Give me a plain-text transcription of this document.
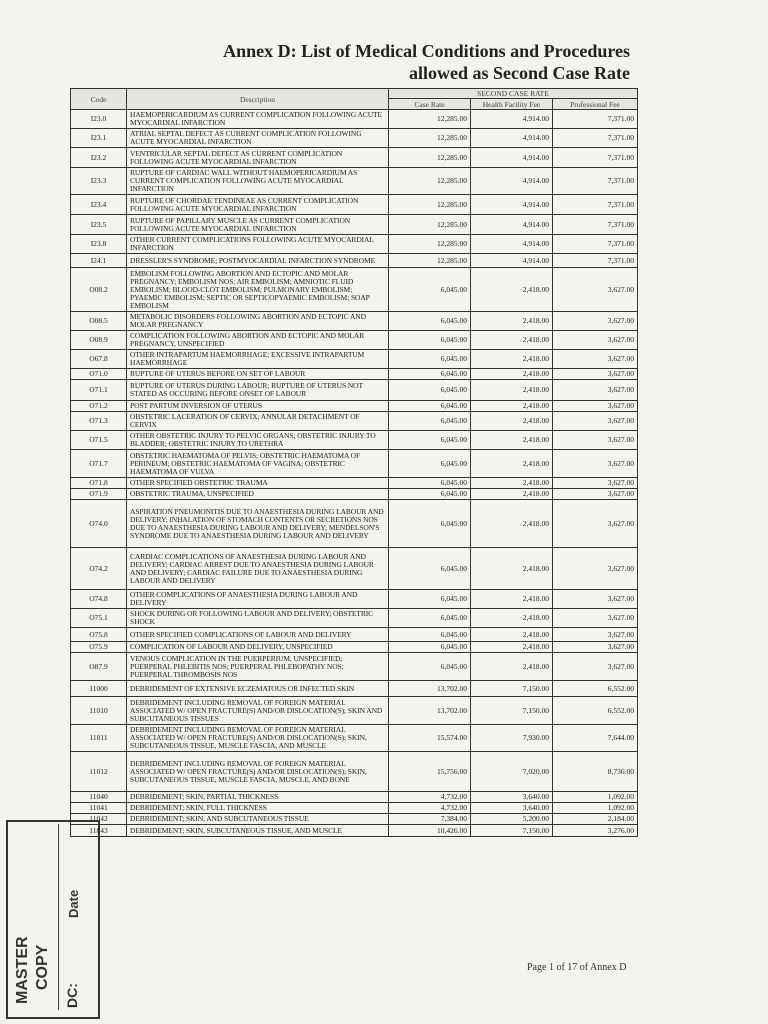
Annex D: List of Medical Conditions and Procedures
allowed as Second Case Rate
Code	Description	SECOND CASE RATE		
		Case Rate	Health Facility Fee	Professional Fee
I23.0	HAEMOPERICARDIUM AS CURRENT COMPLICATION FOLLOWING ACUTE MYOCARDIAL INFARCTION	12,285.00	4,914.00	7,371.00
I23.1	ATRIAL SEPTAL DEFECT AS CURRENT COMPLICATION FOLLOWING ACUTE MYOCARDIAL INFARCTION	12,285.00	4,914.00	7,371.00
I23.2	VENTRICULAR SEPTAL DEFECT AS CURRENT COMPLICATION FOLLOWING ACUTE MYOCARDIAL INFARCTION	12,285.00	4,914.00	7,371.00
I23.3	RUPTURE OF CARDIAC WALL WITHOUT HAEMOPERICARDIUM AS CURRENT COMPLICATION FOLLOWING ACUTE MYOCARDIAL INFARCTION	12,285.00	4,914.00	7,371.00
I23.4	RUPTURE OF CHORDAE TENDINEAE AS CURRENT COMPLICATION FOLLOWING ACUTE MYOCARDIAL INFARCTION	12,285.00	4,914.00	7,371.00
I23.5	RUPTURE OF PAPILLARY MUSCLE AS CURRENT COMPLICATION FOLLOWING ACUTE MYOCARDIAL INFARCTION	12,285.00	4,914.00	7,371.00
I23.8	OTHER CURRENT COMPLICATIONS FOLLOWING ACUTE MYOCARDIAL INFARCTION	12,285.00	4,914.00	7,371.00
I24.1	DRESSLER'S SYNDROME; POSTMYOCARDIAL INFARCTION SYNDROME	12,285.00	4,914.00	7,371.00
O08.2	EMBOLISM FOLLOWING ABORTION AND ECTOPIC AND MOLAR PREGNANCY; EMBOLISM NOS; AIR EMBOLISM; AMNIOTIC FLUID EMBOLISM; BLOOD-CLOT EMBOLISM; PULMONARY EMBOLISM; PYAEMIC EMBOLISM; SEPTIC OR SEPTICOPYAEMIC EMBOLISM; SOAP EMBOLISM	6,045.00	2,418.00	3,627.00
O08.5	METABOLIC DISORDERS FOLLOWING ABORTION AND ECTOPIC AND MOLAR PREGNANCY	6,045.00	2,418.00	3,627.00
O08.9	COMPLICATION FOLLOWING ABORTION AND ECTOPIC AND MOLAR PREGNANCY, UNSPECIFIED	6,045.00	2,418.00	3,627.00
O67.8	OTHER INTRAPARTUM HAEMORRHAGE; EXCESSIVE INTRAPARTUM HAEMORRHAGE	6,045.00	2,418.00	3,627.00
O71.0	RUPTURE OF UTERUS BEFORE ON SET OF LABOUR	6,045.00	2,418.00	3,627.00
O71.1	RUPTURE OF UTERUS DURING LABOUR; RUPTURE OF UTERUS NOT STATED AS OCCURING BEFORE ONSET OF LABOUR	6,045.00	2,418.00	3,627.00
O71.2	POST PARTUM INVERSION OF UTERUS	6,045.00	2,418.00	3,627.00
O71.3	OBSTETRIC LACERATION OF CERVIX; ANNULAR DETACHMENT OF CERVIX	6,045.00	2,418.00	3,627.00
O71.5	OTHER OBSTETRIC INJURY TO PELVIC ORGANS; OBSTETRIC INJURY TO BLADDER; OBSTETRIC INJURY TO URETHRA	6,045.00	2,418.00	3,627.00
O71.7	OBSTETRIC HAEMATOMA OF PELVIS; OBSTETRIC HAEMATOMA OF PERINEUM; OBSTETRIC HAEMATOMA OF VAGINA; OBSTETRIC HAEMATOMA OF VULVA	6,045.00	2,418.00	3,627.00
O71.8	OTHER SPECIFIED OBSTETRIC TRAUMA	6,045.00	2,418.00	3,627.00
O71.9	OBSTETRIC TRAUMA, UNSPECIFIED	6,045.00	2,418.00	3,627.00
O74.0	ASPIRATION PNEUMONITIS DUE TO ANAESTHESIA DURING LABOUR AND DELIVERY; INHALATION OF STOMACH CONTENTS OR SECRETIONS NOS DUE TO ANAESTHESIA DURING LABOUR AND DELIVERY; MENDELSON'S SYNDROME DUE TO ANAESTHESIA DURING LABOUR AND DELIVERY	6,045.00	2,418.00	3,627.00
O74.2	CARDIAC COMPLICATIONS OF ANAESTHESIA DURING LABOUR AND DELIVERY; CARDIAC ARREST DUE TO ANAESTHESIA DURING LABOUR AND DELIVERY; CARDIAC FAILURE DUE TO ANAESTHESIA DURING LABOUR AND DELIVERY	6,045.00	2,418.00	3,627.00
O74.8	OTHER COMPLICATIONS OF ANAESTHESIA DURING LABOUR AND DELIVERY	6,045.00	2,418.00	3,627.00
O75.1	SHOCK DURING OR FOLLOWING LABOUR AND DELIVERY; OBSTETRIC SHOCK	6,045.00	2,418.00	3,627.00
O75.8	OTHER SPECIFIED COMPLICATIONS OF LABOUR AND DELIVERY	6,045.00	2,418.00	3,627.00
O75.9	COMPLICATION OF LABOUR AND DELIVERY, UNSPECIFIED	6,045.00	2,418.00	3,627.00
O87.9	VENOUS COMPLICATION IN THE PUERPERIUM, UNSPECIFIED; PUERPERAL PHLEBITIS NOS; PUERPERAL PHLEBOPATHY NOS; PUERPERAL THROMBOSIS NOS	6,045.00	2,418.00	3,627.00
11000	DEBRIDEMENT OF EXTENSIVE ECZEMATOUS OR INFECTED SKIN	13,702.00	7,150.00	6,552.00
11010	DEBRIDEMENT INCLUDING REMOVAL OF FOREIGN MATERIAL ASSOCIATED W/ OPEN FRACTURE(S) AND/OR DISLOCATION(S); SKIN AND SUBCUTANEOUS TISSUES	13,702.00	7,150.00	6,552.00
11011	DEBRIDEMENT INCLUDING REMOVAL OF FOREIGN MATERIAL ASSOCIATED W/ OPEN FRACTURE(S) AND/OR DISLOCATION(S); SKIN, SUBCUTANEOUS TISSUE, MUSCLE FASCIA, AND MUSCLE	15,574.00	7,930.00	7,644.00
11012	DEBRIDEMENT INCLUDING REMOVAL OF FOREIGN MATERIAL ASSOCIATED W/ OPEN FRACTURE(S) AND/OR DISLOCATION(S); SKIN, SUBCUTANEOUS TISSUE, MUSCLE FASCIA, MUSCLE, AND BONE	15,756.00	7,020.00	8,736.00
11040	DEBRIDEMENT; SKIN, PARTIAL THICKNESS	4,732.00	3,640.00	1,092.00
11041	DEBRIDEMENT; SKIN, FULL THICKNESS	4,732.00	3,640.00	1,092.00
11042	DEBRIDEMENT; SKIN, AND SUBCUTANEOUS TISSUE	7,384.00	5,200.00	2,184.00
11043	DEBRIDEMENT; SKIN, SUBCUTANEOUS TISSUE, AND MUSCLE	10,426.00	7,150.00	3,276.00
MASTER COPY
DC:
Date
Page 1 of 17 of Annex D
